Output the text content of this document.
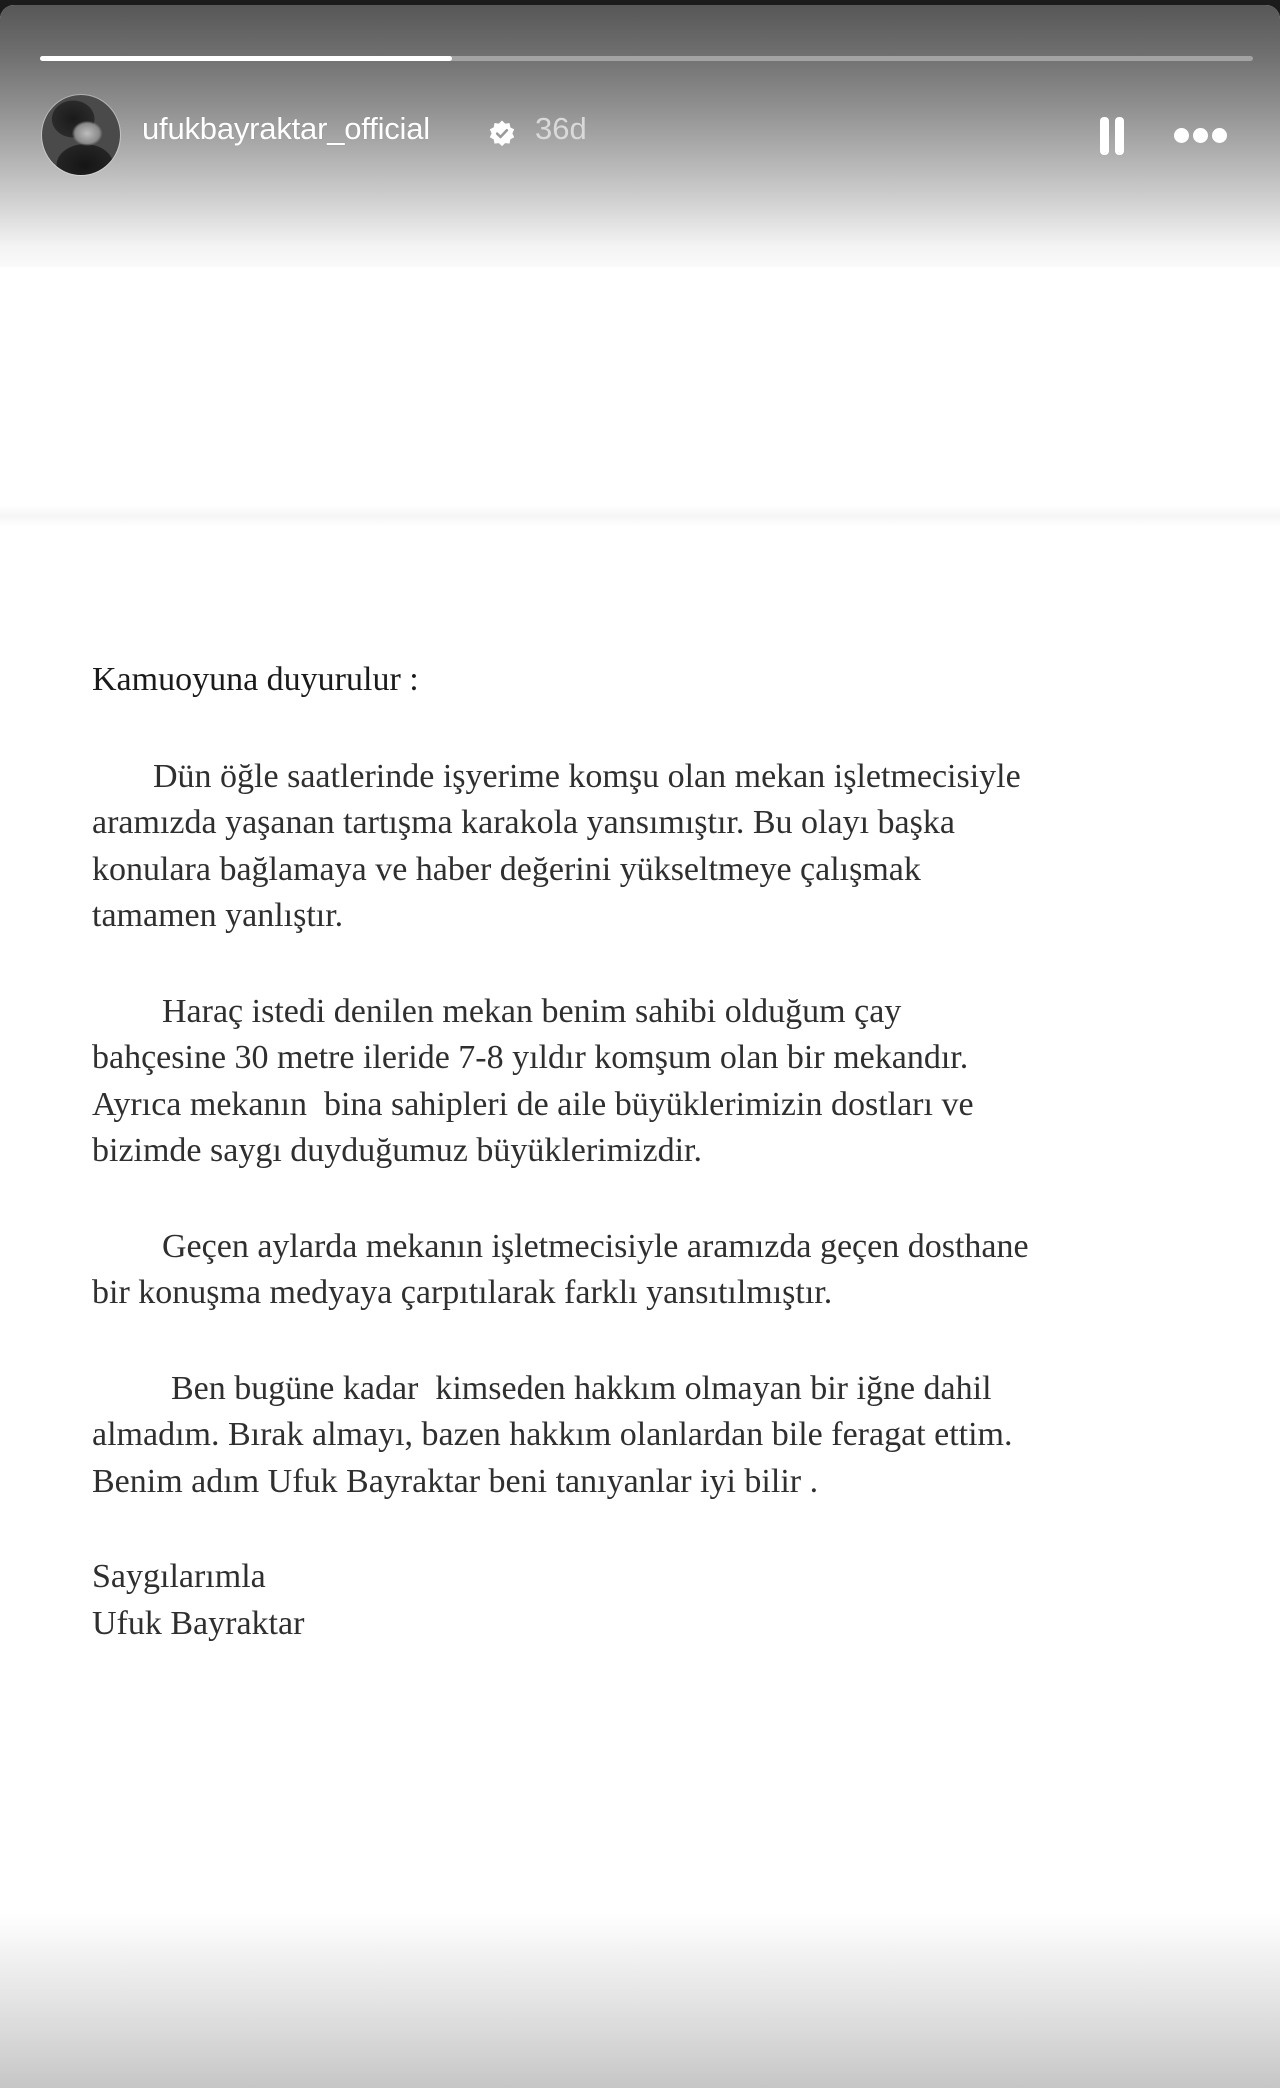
ufukbayraktar_official	36d

Kamuoyuna duyurulur :

Dün öğle saatlerinde işyerime komşu olan mekan işletmecisiyle
aramızda yaşanan tartışma karakola yansımıştır. Bu olayı başka
konulara bağlamaya ve haber değerini yükseltmeye çalışmak
tamamen yanlıştır.
Haraç istedi denilen mekan benim sahibi olduğum çay
bahçesine 30 metre ileride 7-8 yıldır komşum olan bir mekandır.
Ayrıca mekanın  bina sahipleri de aile büyüklerimizin dostları ve
bizimde saygı duyduğumuz büyüklerimizdir.
Geçen aylarda mekanın işletmecisiyle aramızda geçen dosthane
bir konuşma medyaya çarpıtılarak farklı yansıtılmıştır.
Ben bugüne kadar  kimseden hakkım olmayan bir iğne dahil
almadım. Bırak almayı, bazen hakkım olanlardan bile feragat ettim.
Benim adım Ufuk Bayraktar beni tanıyanlar iyi bilir .
Saygılarımla
Ufuk Bayraktar
